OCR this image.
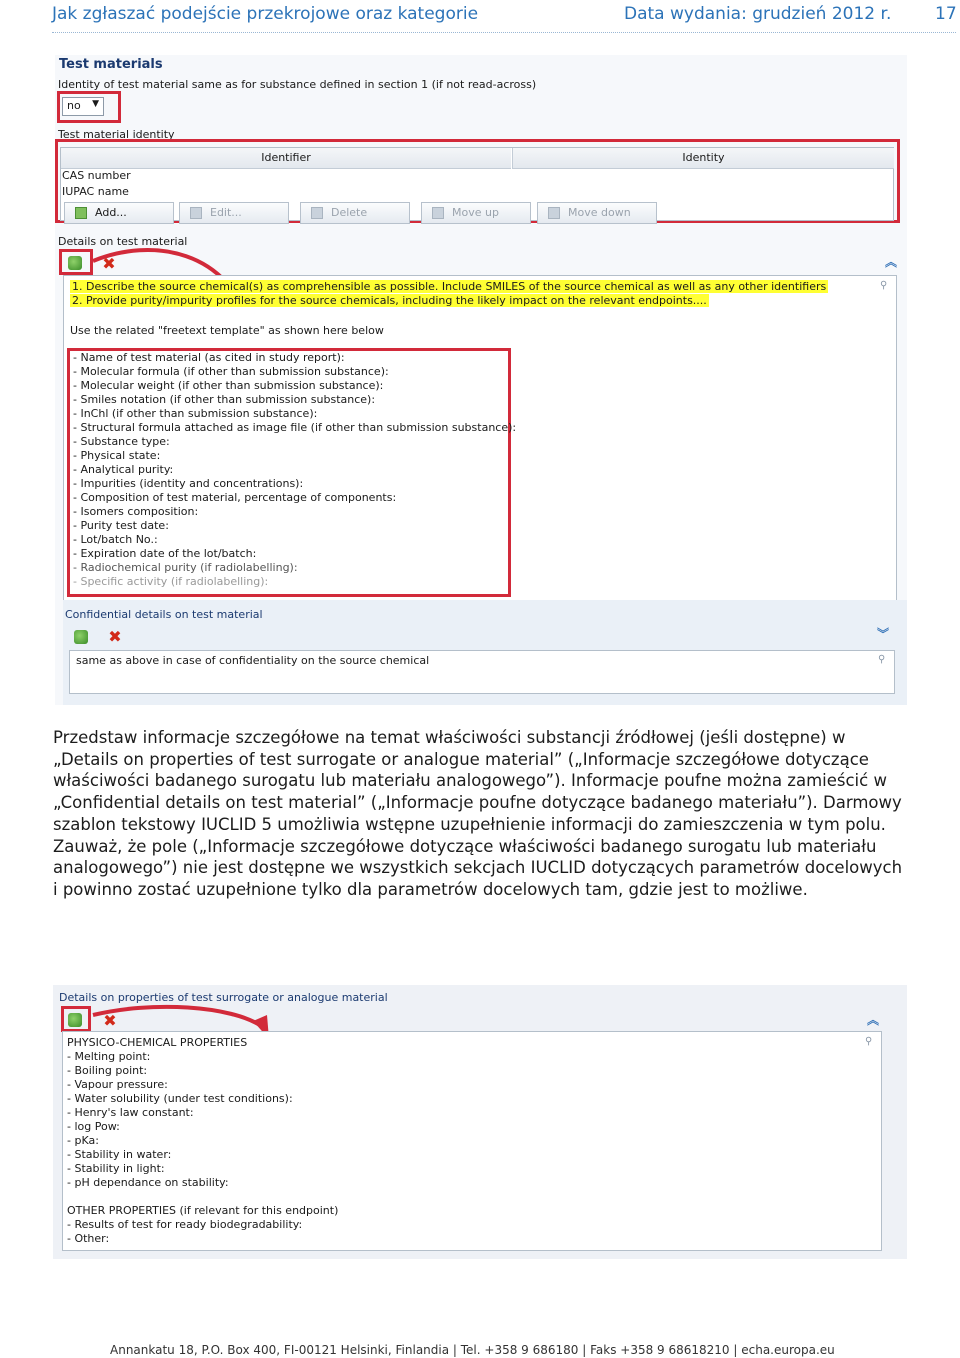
Jak zgłaszać podejście przekrojowe oraz kategorie	Data wydania: grudzień 2012 r.	17
Test materials
Identity of test material same as for substance defined in section 1 (if not read-across)
no ▼
Test material identity
Identifier	Identity
CAS number
IUPAC name
Add...	Edit...	Delete	Move up	Move down
Details on test material
✖	︽
1. Describe the source chemical(s) as comprehensible as possible. Include SMILES of the source chemical as well as any other identifiers
2. Provide purity/impurity profiles for the source chemicals, including the likely impact on the relevant endpoints....
Use the related "freetext template" as shown here below
⚲
- Name of test material (as cited in study report):
- Molecular formula (if other than submission substance):
- Molecular weight (if other than submission substance):
- Smiles notation (if other than submission substance):
- InChl (if other than submission substance):
- Structural formula attached as image file (if other than submission substance):
- Substance type:
- Physical state:
- Analytical purity:
- Impurities (identity and concentrations):
- Composition of test material, percentage of components:
- Isomers composition:
- Purity test date:
- Lot/batch No.:
- Expiration date of the lot/batch:
- Radiochemical purity (if radiolabelling):
- Specific activity (if radiolabelling):
Confidential details on test material
✖	︾
same as above in case of confidentiality on the source chemical	⚲

Przedstaw informacje szczegółowe na temat właściwości substancji źródłowej (jeśli dostępne) w „Details on properties of test surrogate or analogue material” („Informacje szczegółowe dotyczące właściwości badanego surogatu lub materiału analogowego”). Informacje poufne można zamieścić w „Confidential details on test material” („Informacje poufne dotyczące badanego materiału”). Darmowy szablon tekstowy IUCLID 5 umożliwia wstępne uzupełnienie informacji do zamieszczenia w tym polu. Zauważ, że pole („Informacje szczegółowe dotyczące właściwości badanego surogatu lub materiału analogowego”) nie jest dostępne we wszystkich sekcjach IUCLID dotyczących parametrów docelowych i powinno zostać uzupełnione tylko dla parametrów docelowych tam, gdzie jest to możliwe.

Details on properties of test surrogate or analogue material
✖	︽
⚲
PHYSICO-CHEMICAL PROPERTIES
- Melting point:
- Boiling point:
- Vapour pressure:
- Water solubility (under test conditions):
- Henry's law constant:
- log Pow:
- pKa:
- Stability in water:
- Stability in light:
- pH dependance on stability:
OTHER PROPERTIES (if relevant for this endpoint)
- Results of test for ready biodegradability:
- Other:
Annankatu 18, P.O. Box 400, FI-00121 Helsinki, Finlandia | Tel. +358 9 686180 | Faks +358 9 68618210 | echa.europa.eu
